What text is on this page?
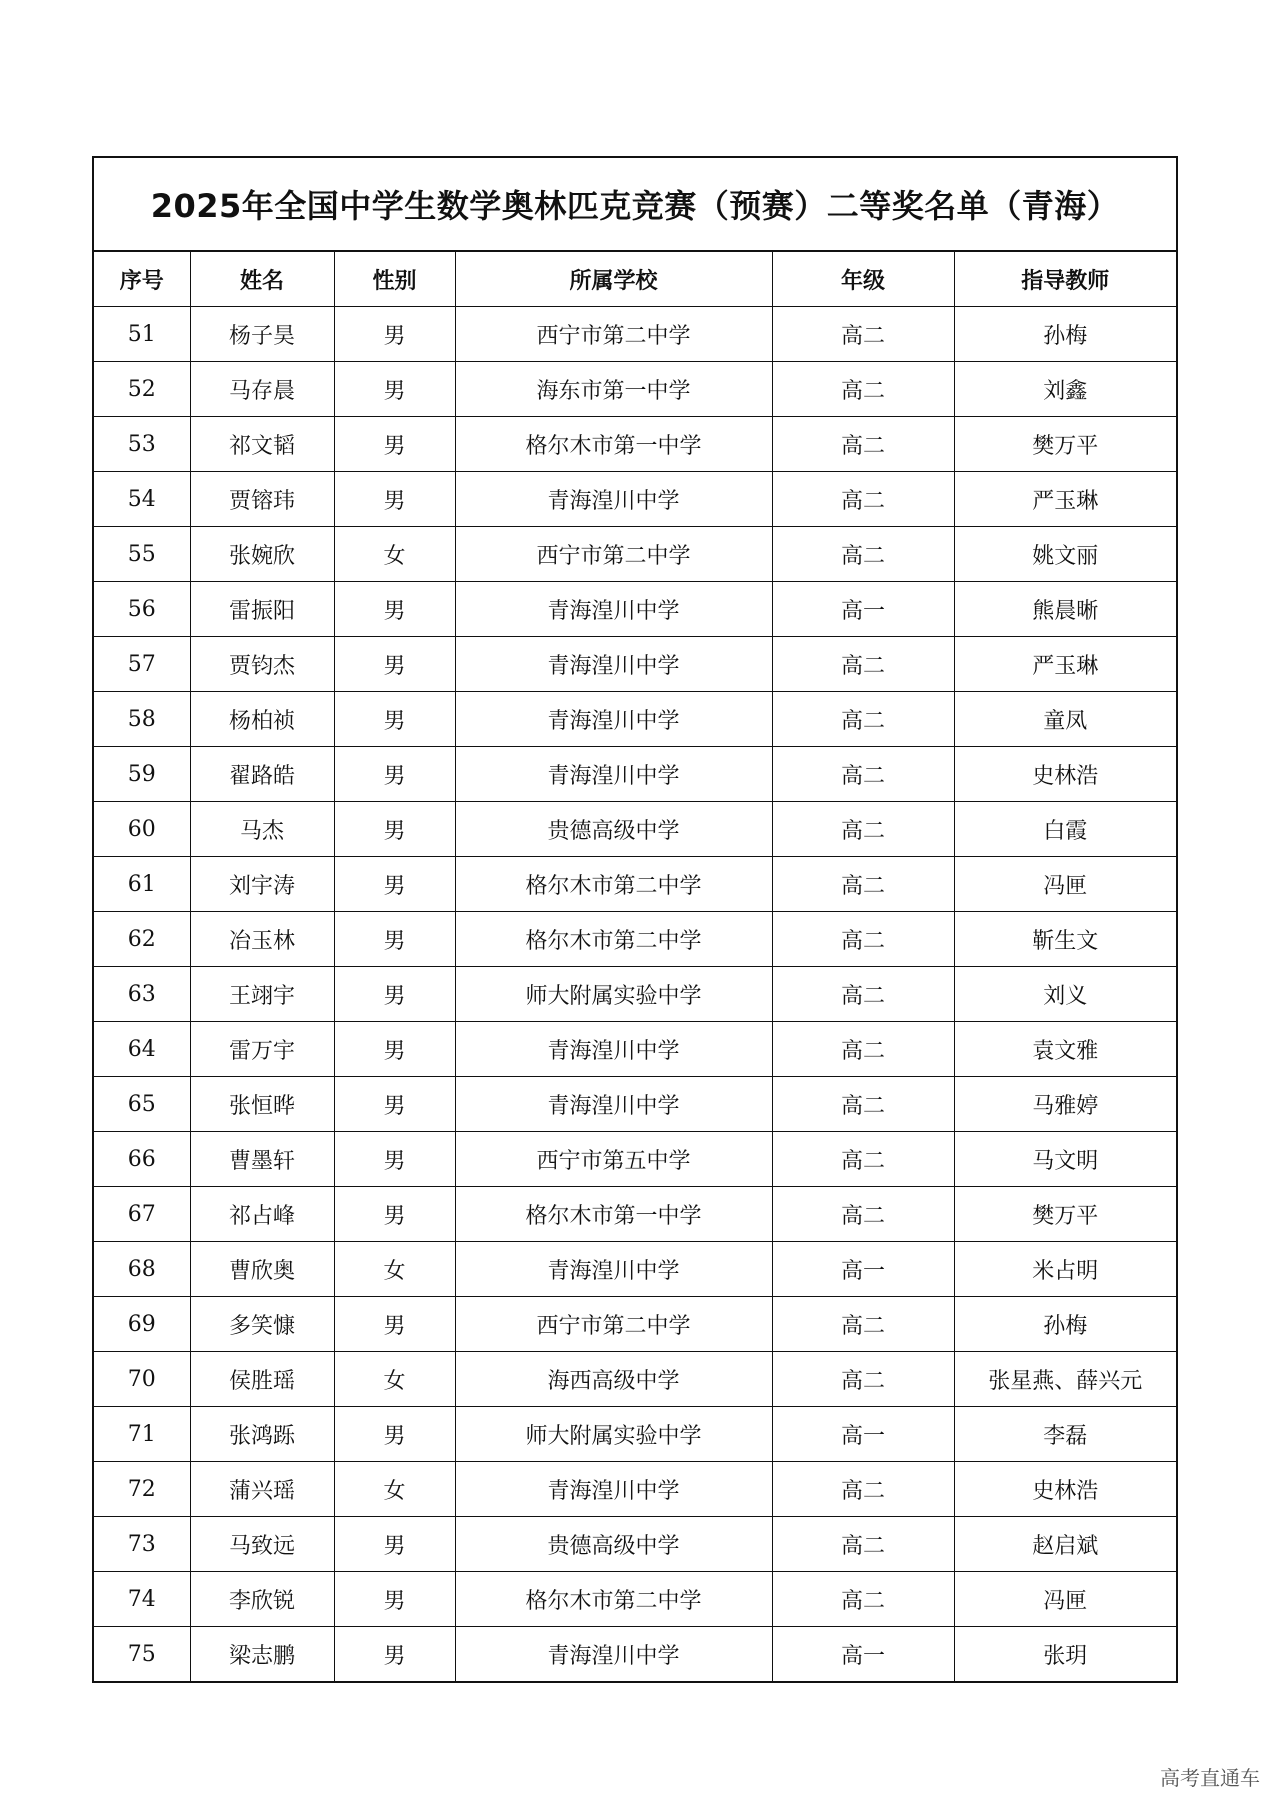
2025年全国中学生数学奥林匹克竞赛（预赛）二等奖名单（青海）
序号	姓名	性别	所属学校	年级	指导教师
51	杨子昊	男	西宁市第二中学	高二	孙梅
52	马存晨	男	海东市第一中学	高二	刘鑫
53	祁文韬	男	格尔木市第一中学	高二	樊万平
54	贾镕玮	男	青海湟川中学	高二	严玉琳
55	张婉欣	女	西宁市第二中学	高二	姚文丽
56	雷振阳	男	青海湟川中学	高一	熊晨晰
57	贾钧杰	男	青海湟川中学	高二	严玉琳
58	杨柏祯	男	青海湟川中学	高二	童凤
59	翟路皓	男	青海湟川中学	高二	史林浩
60	马杰	男	贵德高级中学	高二	白霞
61	刘宇涛	男	格尔木市第二中学	高二	冯匣
62	冶玉林	男	格尔木市第二中学	高二	靳生文
63	王翊宇	男	师大附属实验中学	高二	刘义
64	雷万宇	男	青海湟川中学	高二	袁文雅
65	张恒晔	男	青海湟川中学	高二	马雅婷
66	曹墨轩	男	西宁市第五中学	高二	马文明
67	祁占峰	男	格尔木市第一中学	高二	樊万平
68	曹欣奥	女	青海湟川中学	高一	米占明
69	多笑慷	男	西宁市第二中学	高二	孙梅
70	侯胜瑶	女	海西高级中学	高二	张星燕、薛兴元
71	张鸿跞	男	师大附属实验中学	高一	李磊
72	蒲兴瑶	女	青海湟川中学	高二	史林浩
73	马致远	男	贵德高级中学	高二	赵启斌
74	李欣锐	男	格尔木市第二中学	高二	冯匣
75	梁志鹏	男	青海湟川中学	高一	张玥
高考直通车
